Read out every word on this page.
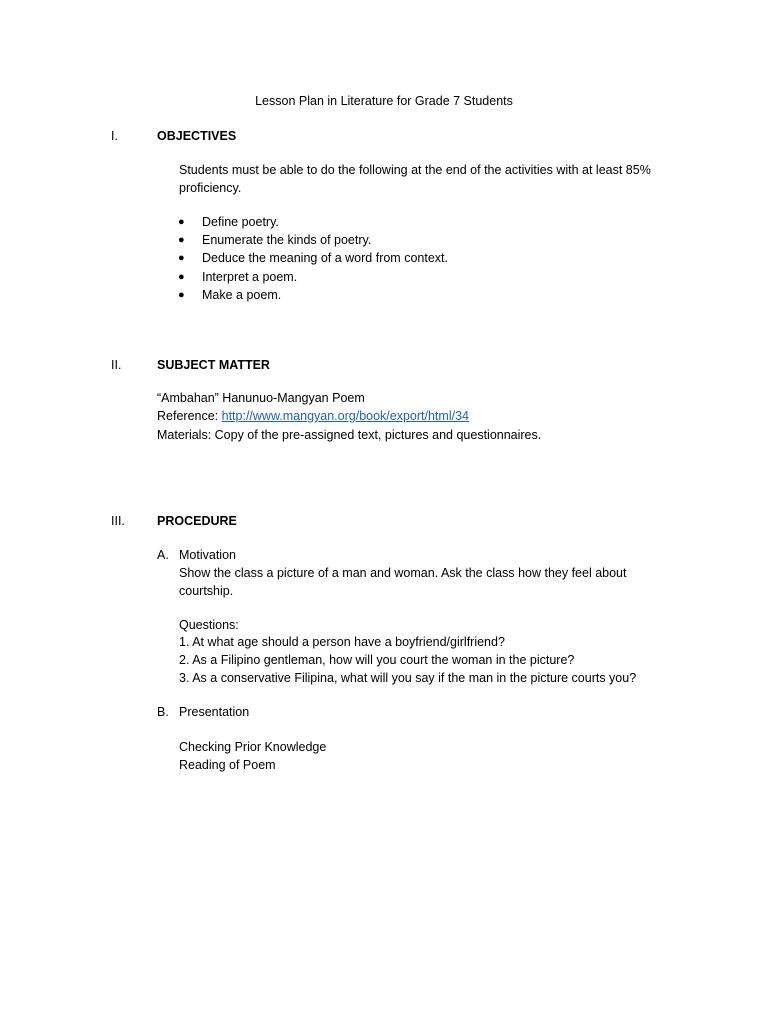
Lesson Plan in Literature for Grade 7 Students
I.	OBJECTIVES
Students must be able to do the following at the end of the activities with at least 85%
proficiency.
● Define poetry.
● Enumerate the kinds of poetry.
● Deduce the meaning of a word from context.
● Interpret a poem.
● Make a poem.
II.	SUBJECT MATTER
“Ambahan” Hanunuo-Mangyan Poem
Reference: http://www.mangyan.org/book/export/html/34
Materials: Copy of the pre-assigned text, pictures and questionnaires.
III.	PROCEDURE
A. Motivation
Show the class a picture of a man and woman. Ask the class how they feel about
courtship.
Questions:
1. At what age should a person have a boyfriend/girlfriend?
2. As a Filipino gentleman, how will you court the woman in the picture?
3. As a conservative Filipina, what will you say if the man in the picture courts you?
B. Presentation
Checking Prior Knowledge
Reading of Poem
